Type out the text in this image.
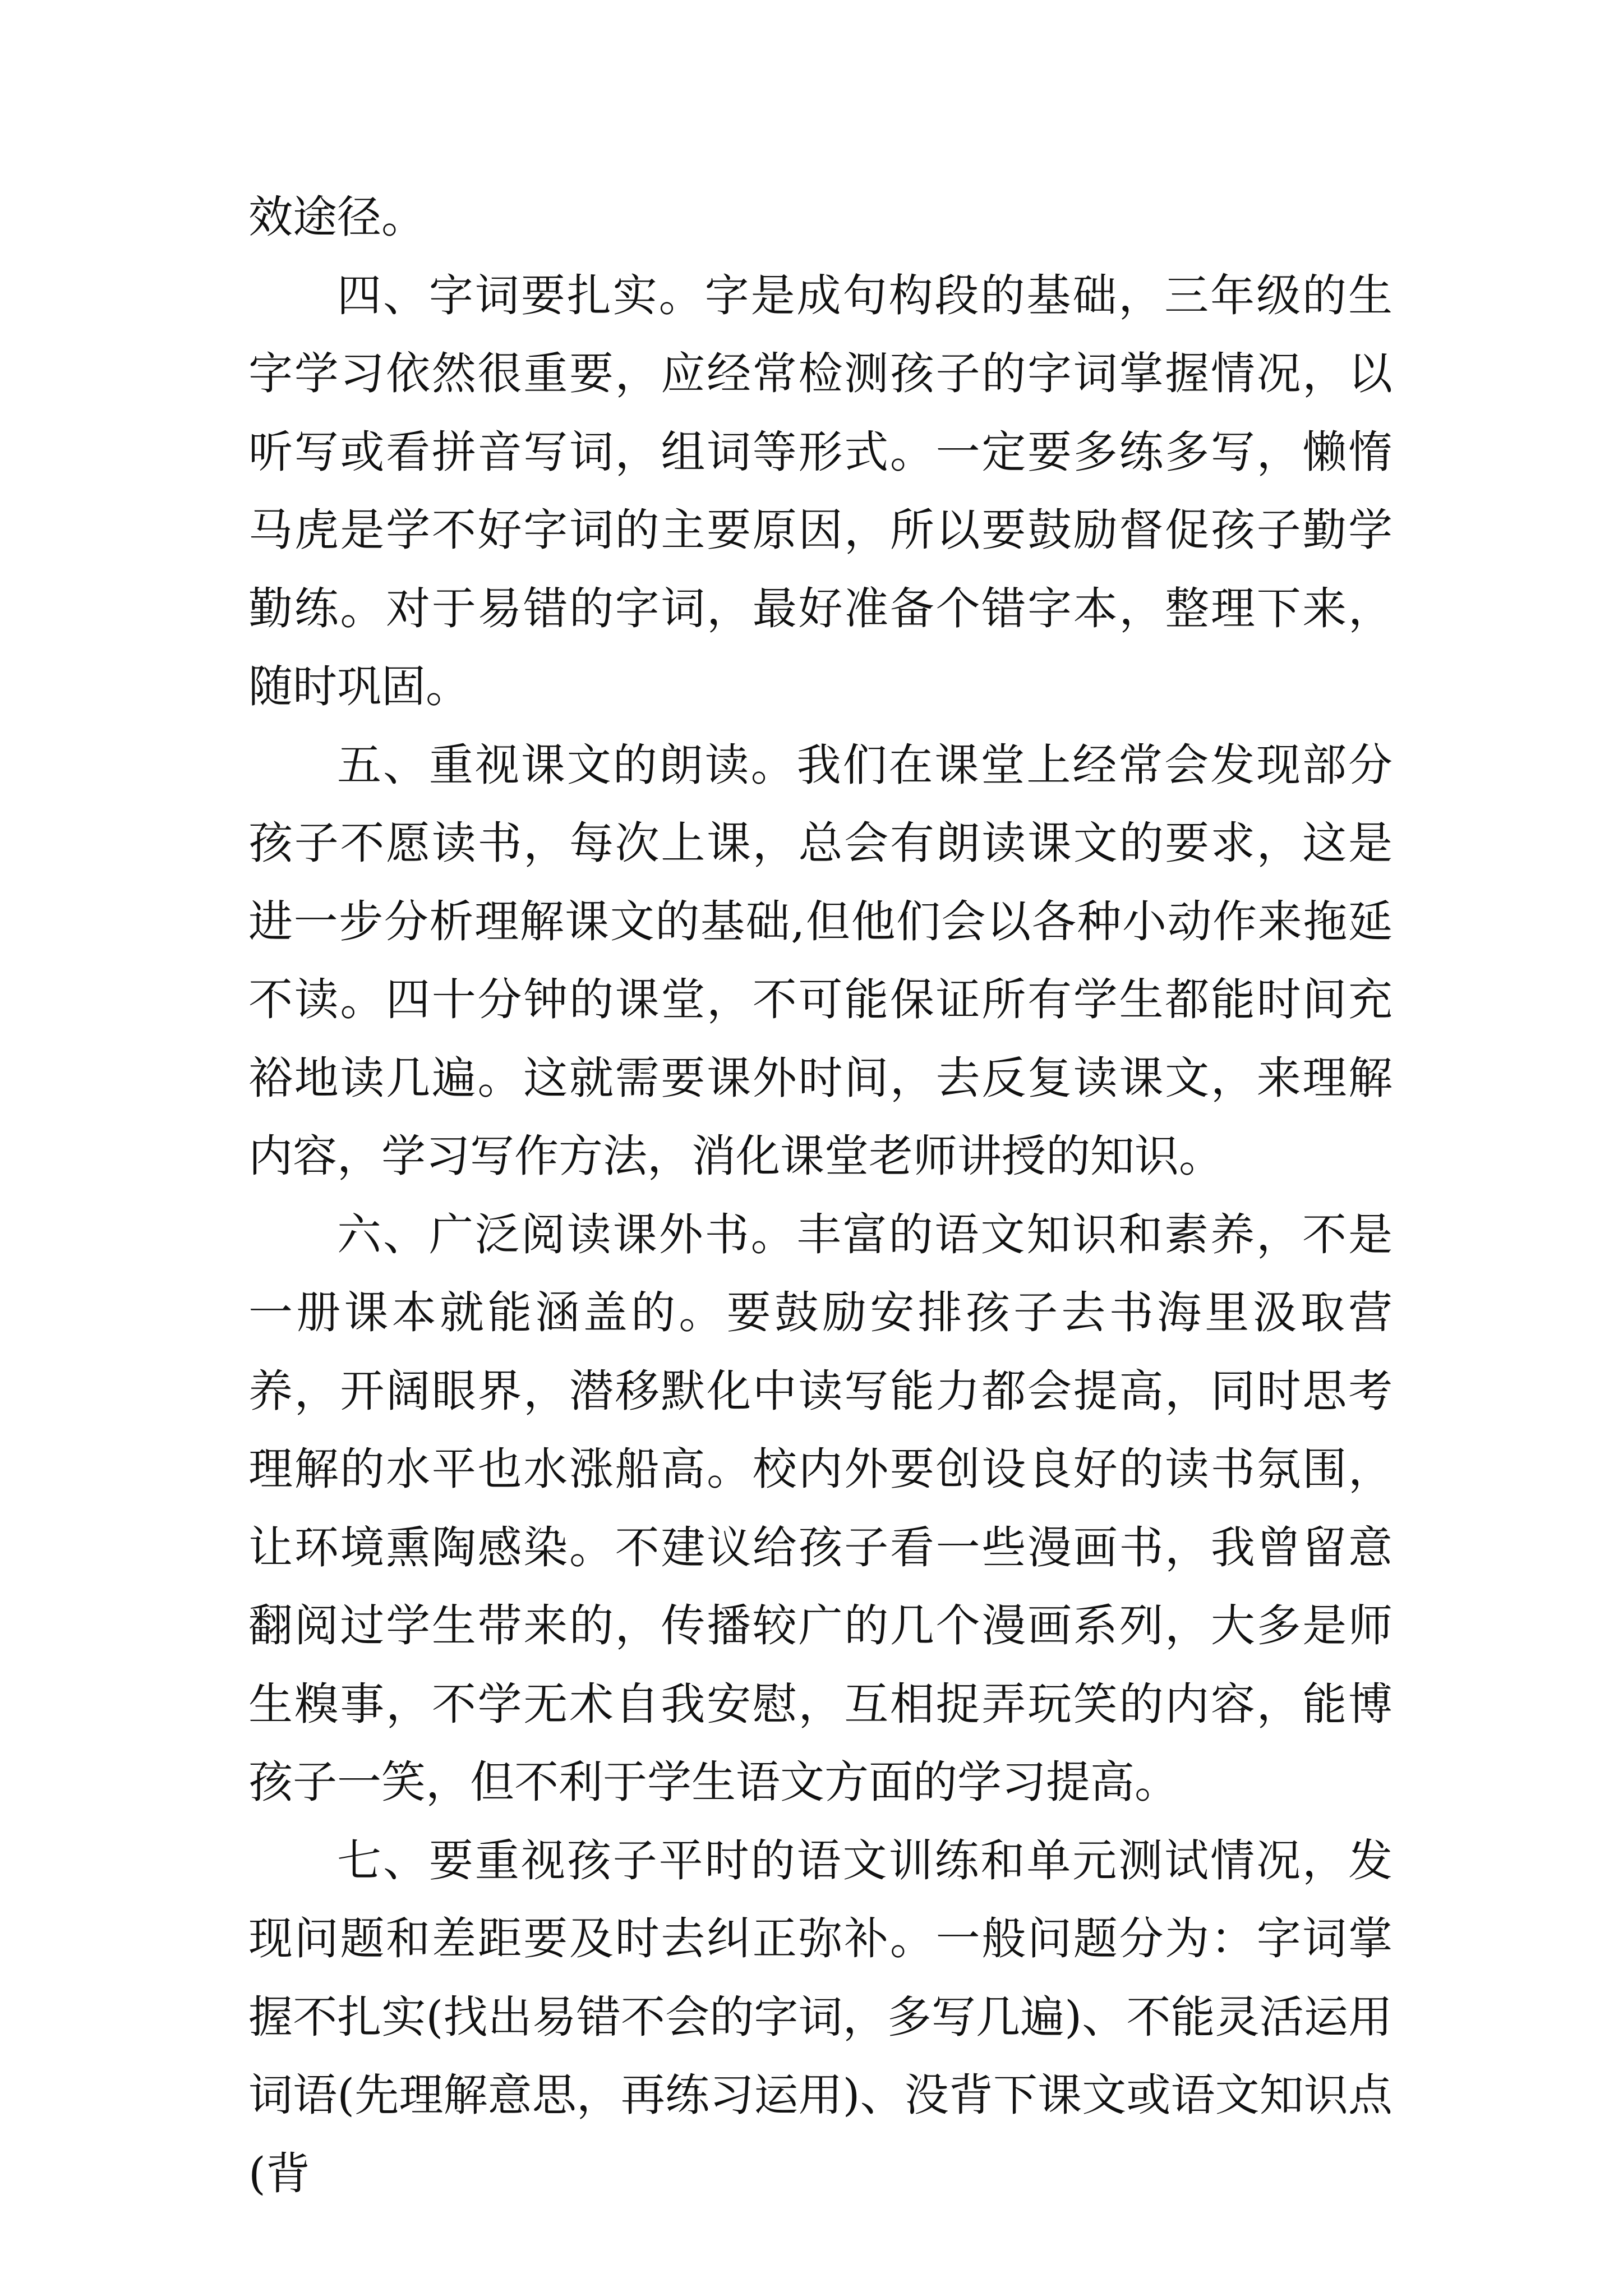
效途径。

四、字词要扎实。字是成句构段的基础，三年级的生字学习依然很重要，应经常检测孩子的字词掌握情况，以听写或看拼音写词，组词等形式。一定要多练多写，懒惰马虎是学不好字词的主要原因，所以要鼓励督促孩子勤学勤练。对于易错的字词，最好准备个错字本，整理下来，随时巩固。

五、重视课文的朗读。我们在课堂上经常会发现部分孩子不愿读书，每次上课，总会有朗读课文的要求，这是进一步分析理解课文的基础,但他们会以各种小动作来拖延不读。四十分钟的课堂，不可能保证所有学生都能时间充裕地读几遍。这就需要课外时间，去反复读课文，来理解内容，学习写作方法，消化课堂老师讲授的知识。

六、广泛阅读课外书。丰富的语文知识和素养，不是一册课本就能涵盖的。要鼓励安排孩子去书海里汲取营养，开阔眼界，潜移默化中读写能力都会提高，同时思考理解的水平也水涨船高。校内外要创设良好的读书氛围，让环境熏陶感染。不建议给孩子看一些漫画书，我曾留意翻阅过学生带来的，传播较广的几个漫画系列，大多是师生糗事，不学无术自我安慰，互相捉弄玩笑的内容，能博孩子一笑，但不利于学生语文方面的学习提高。

七、要重视孩子平时的语文训练和单元测试情况，发现问题和差距要及时去纠正弥补。一般问题分为：字词掌握不扎实(找出易错不会的字词，多写几遍)、不能灵活运用词语(先理解意思，再练习运用)、没背下课文或语文知识点(背
